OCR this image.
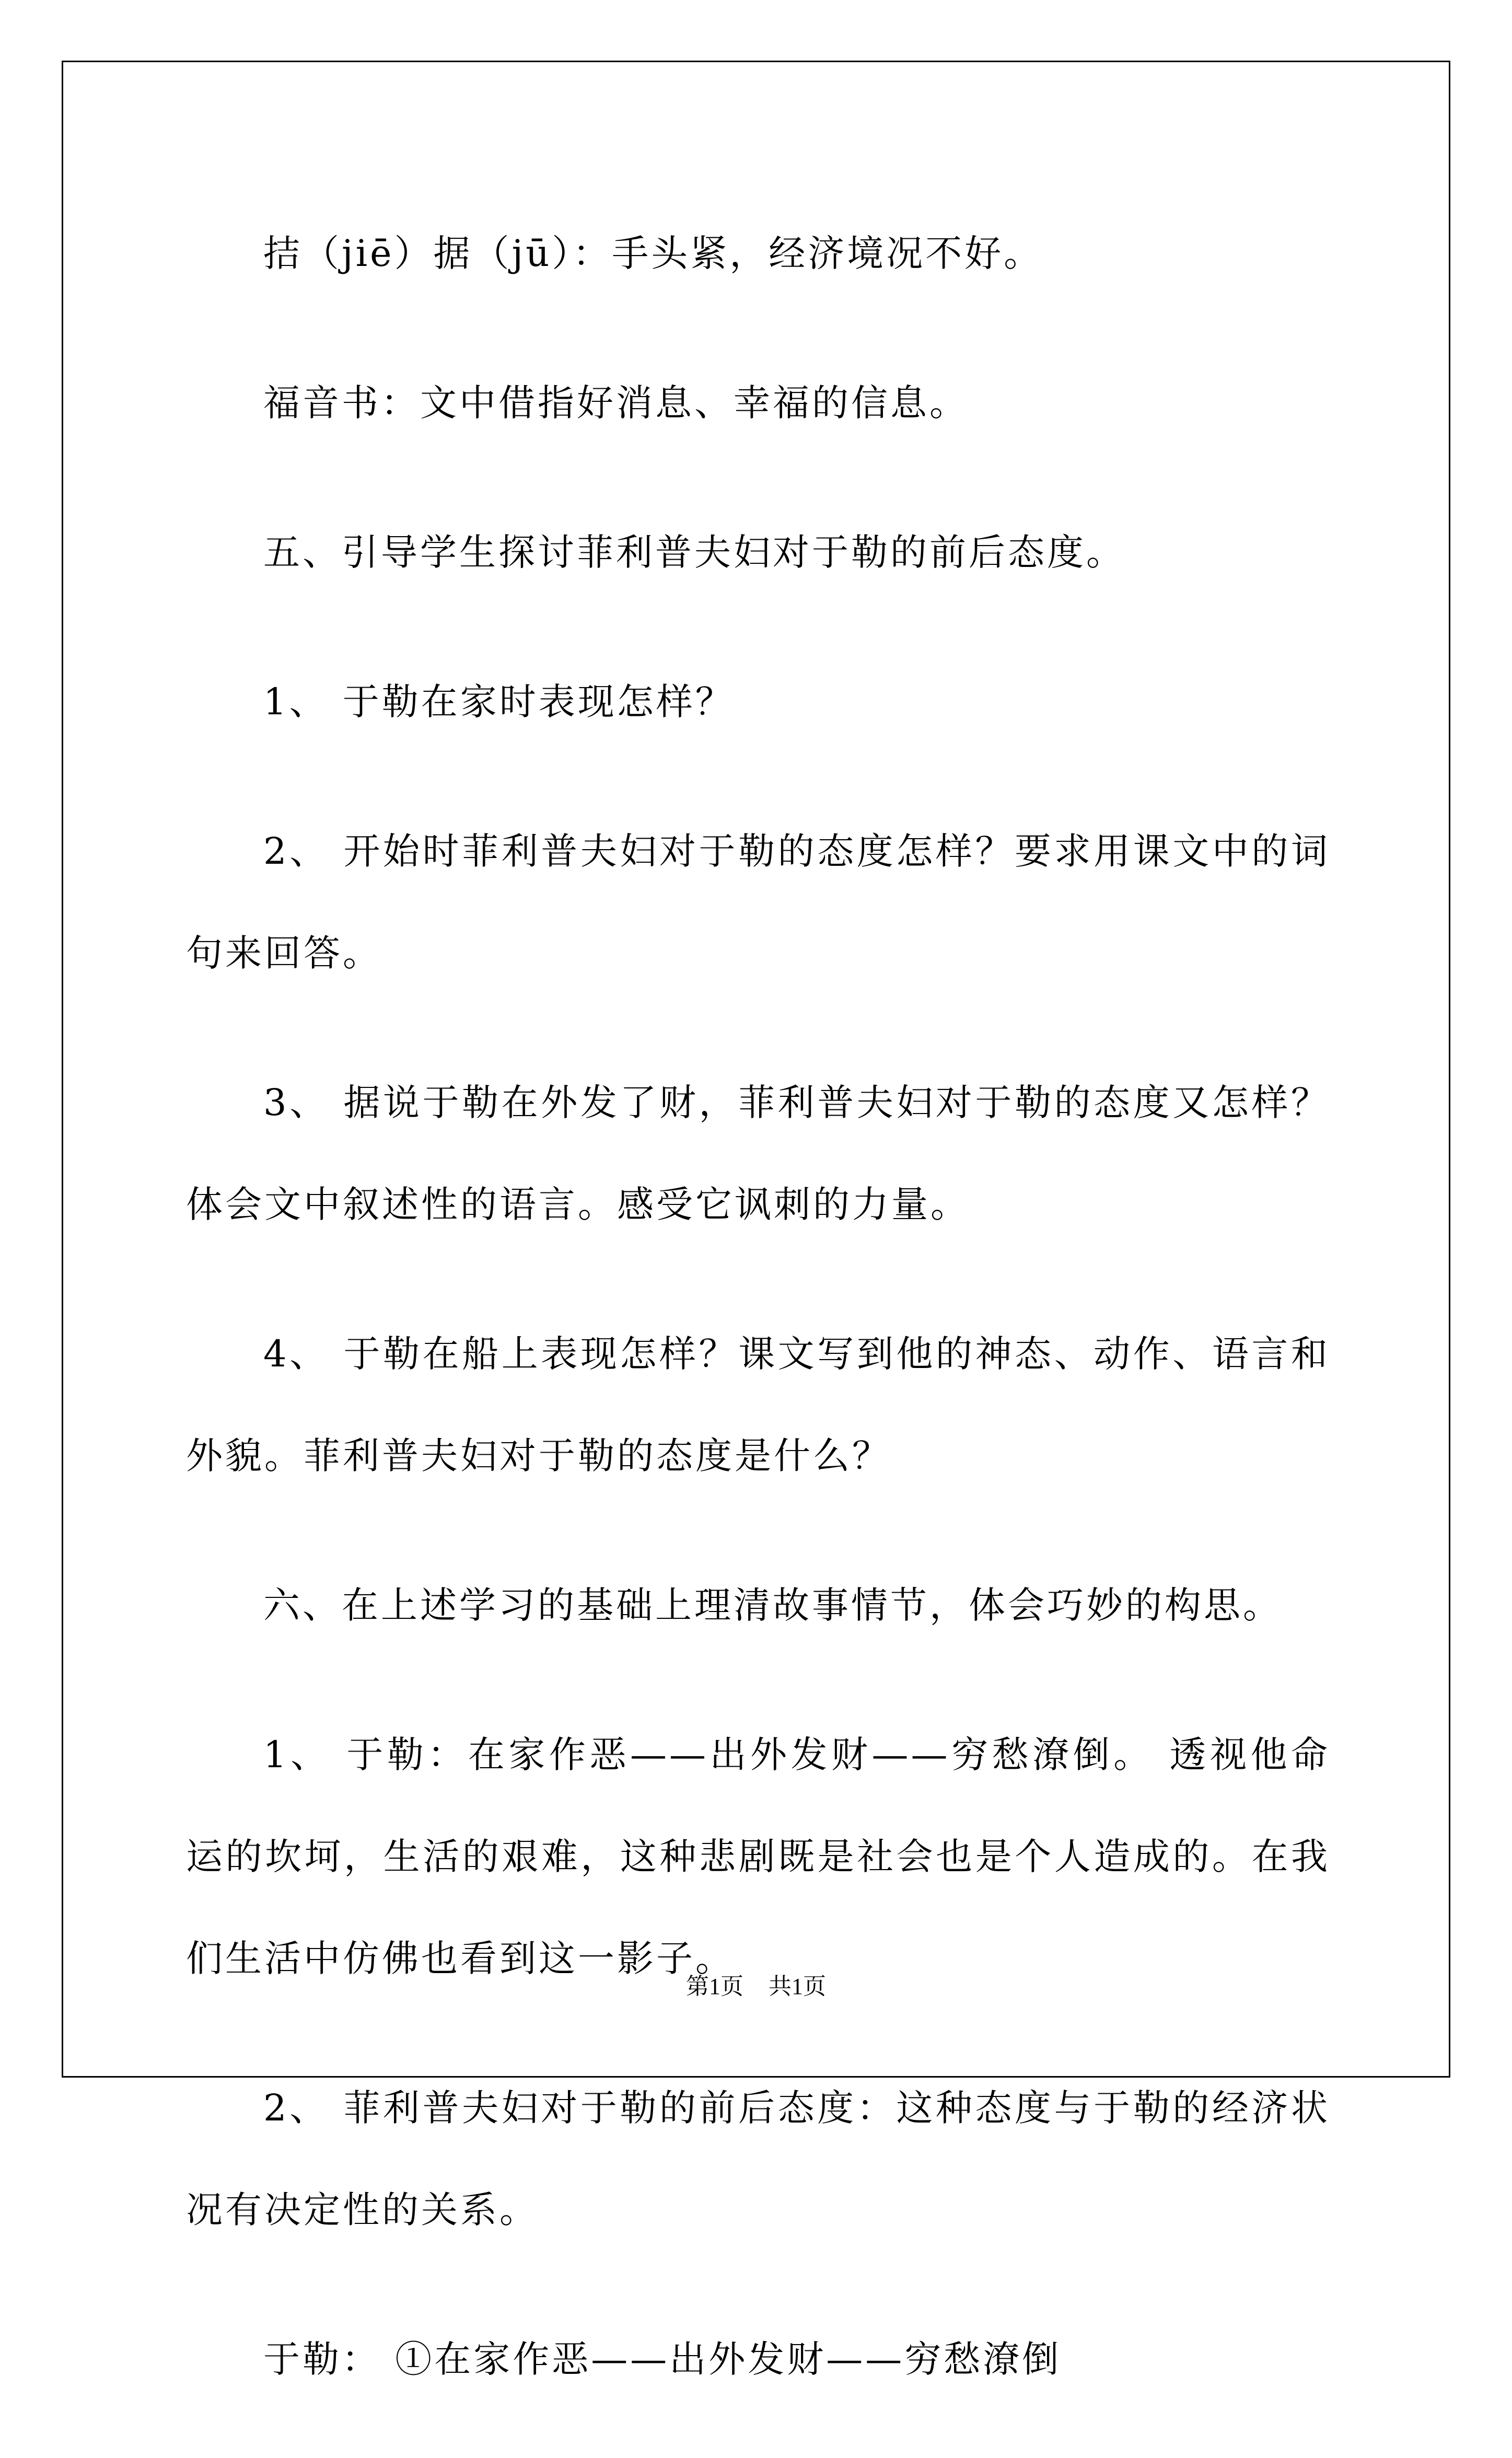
拮（jiē）据（jū）：手头紧，经济境况不好。

福音书：文中借指好消息、幸福的信息。

五、引导学生探讨菲利普夫妇对于勒的前后态度。

1、 于勒在家时表现怎样？

2、 开始时菲利普夫妇对于勒的态度怎样？要求用课文中的词句来回答。

3、 据说于勒在外发了财，菲利普夫妇对于勒的态度又怎样？体会文中叙述性的语言。感受它讽刺的力量。

4、 于勒在船上表现怎样？课文写到他的神态、动作、语言和外貌。菲利普夫妇对于勒的态度是什么？

六、在上述学习的基础上理清故事情节，体会巧妙的构思。

1、 于勒：在家作恶——出外发财——穷愁潦倒。 透视他命运的坎坷，生活的艰难，这种悲剧既是社会也是个人造成的。在我们生活中仿佛也看到这一影子。

2、 菲利普夫妇对于勒的前后态度：这种态度与于勒的经济状况有决定性的关系。

于勒： ①在家作恶——出外发财——穷愁潦倒

第1页 共1页
